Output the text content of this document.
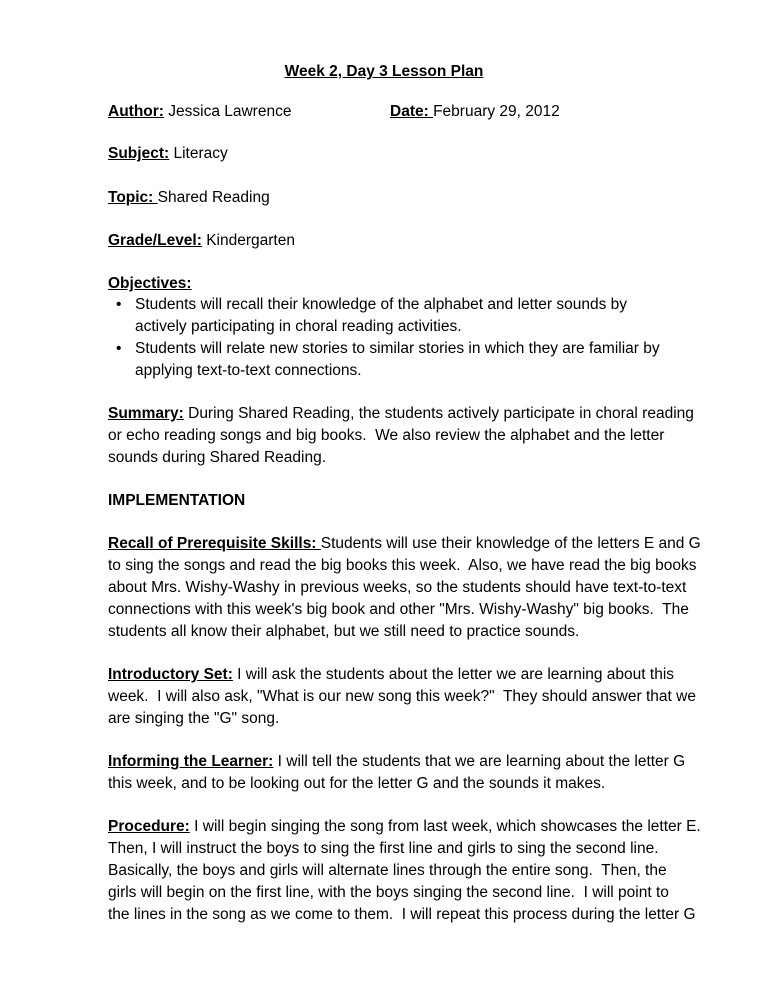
Week 2, Day 3 Lesson Plan
Author: Jessica Lawrence	Date: February 29, 2012
Subject: Literacy
Topic: Shared Reading
Grade/Level: Kindergarten
Objectives:
• Students will recall their knowledge of the alphabet and letter sounds by
actively participating in choral reading activities.
• Students will relate new stories to similar stories in which they are familiar by
applying text-to-text connections.
Summary: During Shared Reading, the students actively participate in choral reading
or echo reading songs and big books.  We also review the alphabet and the letter
sounds during Shared Reading.
IMPLEMENTATION
Recall of Prerequisite Skills: Students will use their knowledge of the letters E and G
to sing the songs and read the big books this week.  Also, we have read the big books
about Mrs. Wishy-Washy in previous weeks, so the students should have text-to-text
connections with this week's big book and other "Mrs. Wishy-Washy" big books.  The
students all know their alphabet, but we still need to practice sounds.
Introductory Set: I will ask the students about the letter we are learning about this
week.  I will also ask, "What is our new song this week?"  They should answer that we
are singing the "G" song.
Informing the Learner: I will tell the students that we are learning about the letter G
this week, and to be looking out for the letter G and the sounds it makes.
Procedure: I will begin singing the song from last week, which showcases the letter E.
Then, I will instruct the boys to sing the first line and girls to sing the second line.
Basically, the boys and girls will alternate lines through the entire song.  Then, the
girls will begin on the first line, with the boys singing the second line.  I will point to
the lines in the song as we come to them.  I will repeat this process during the letter G
